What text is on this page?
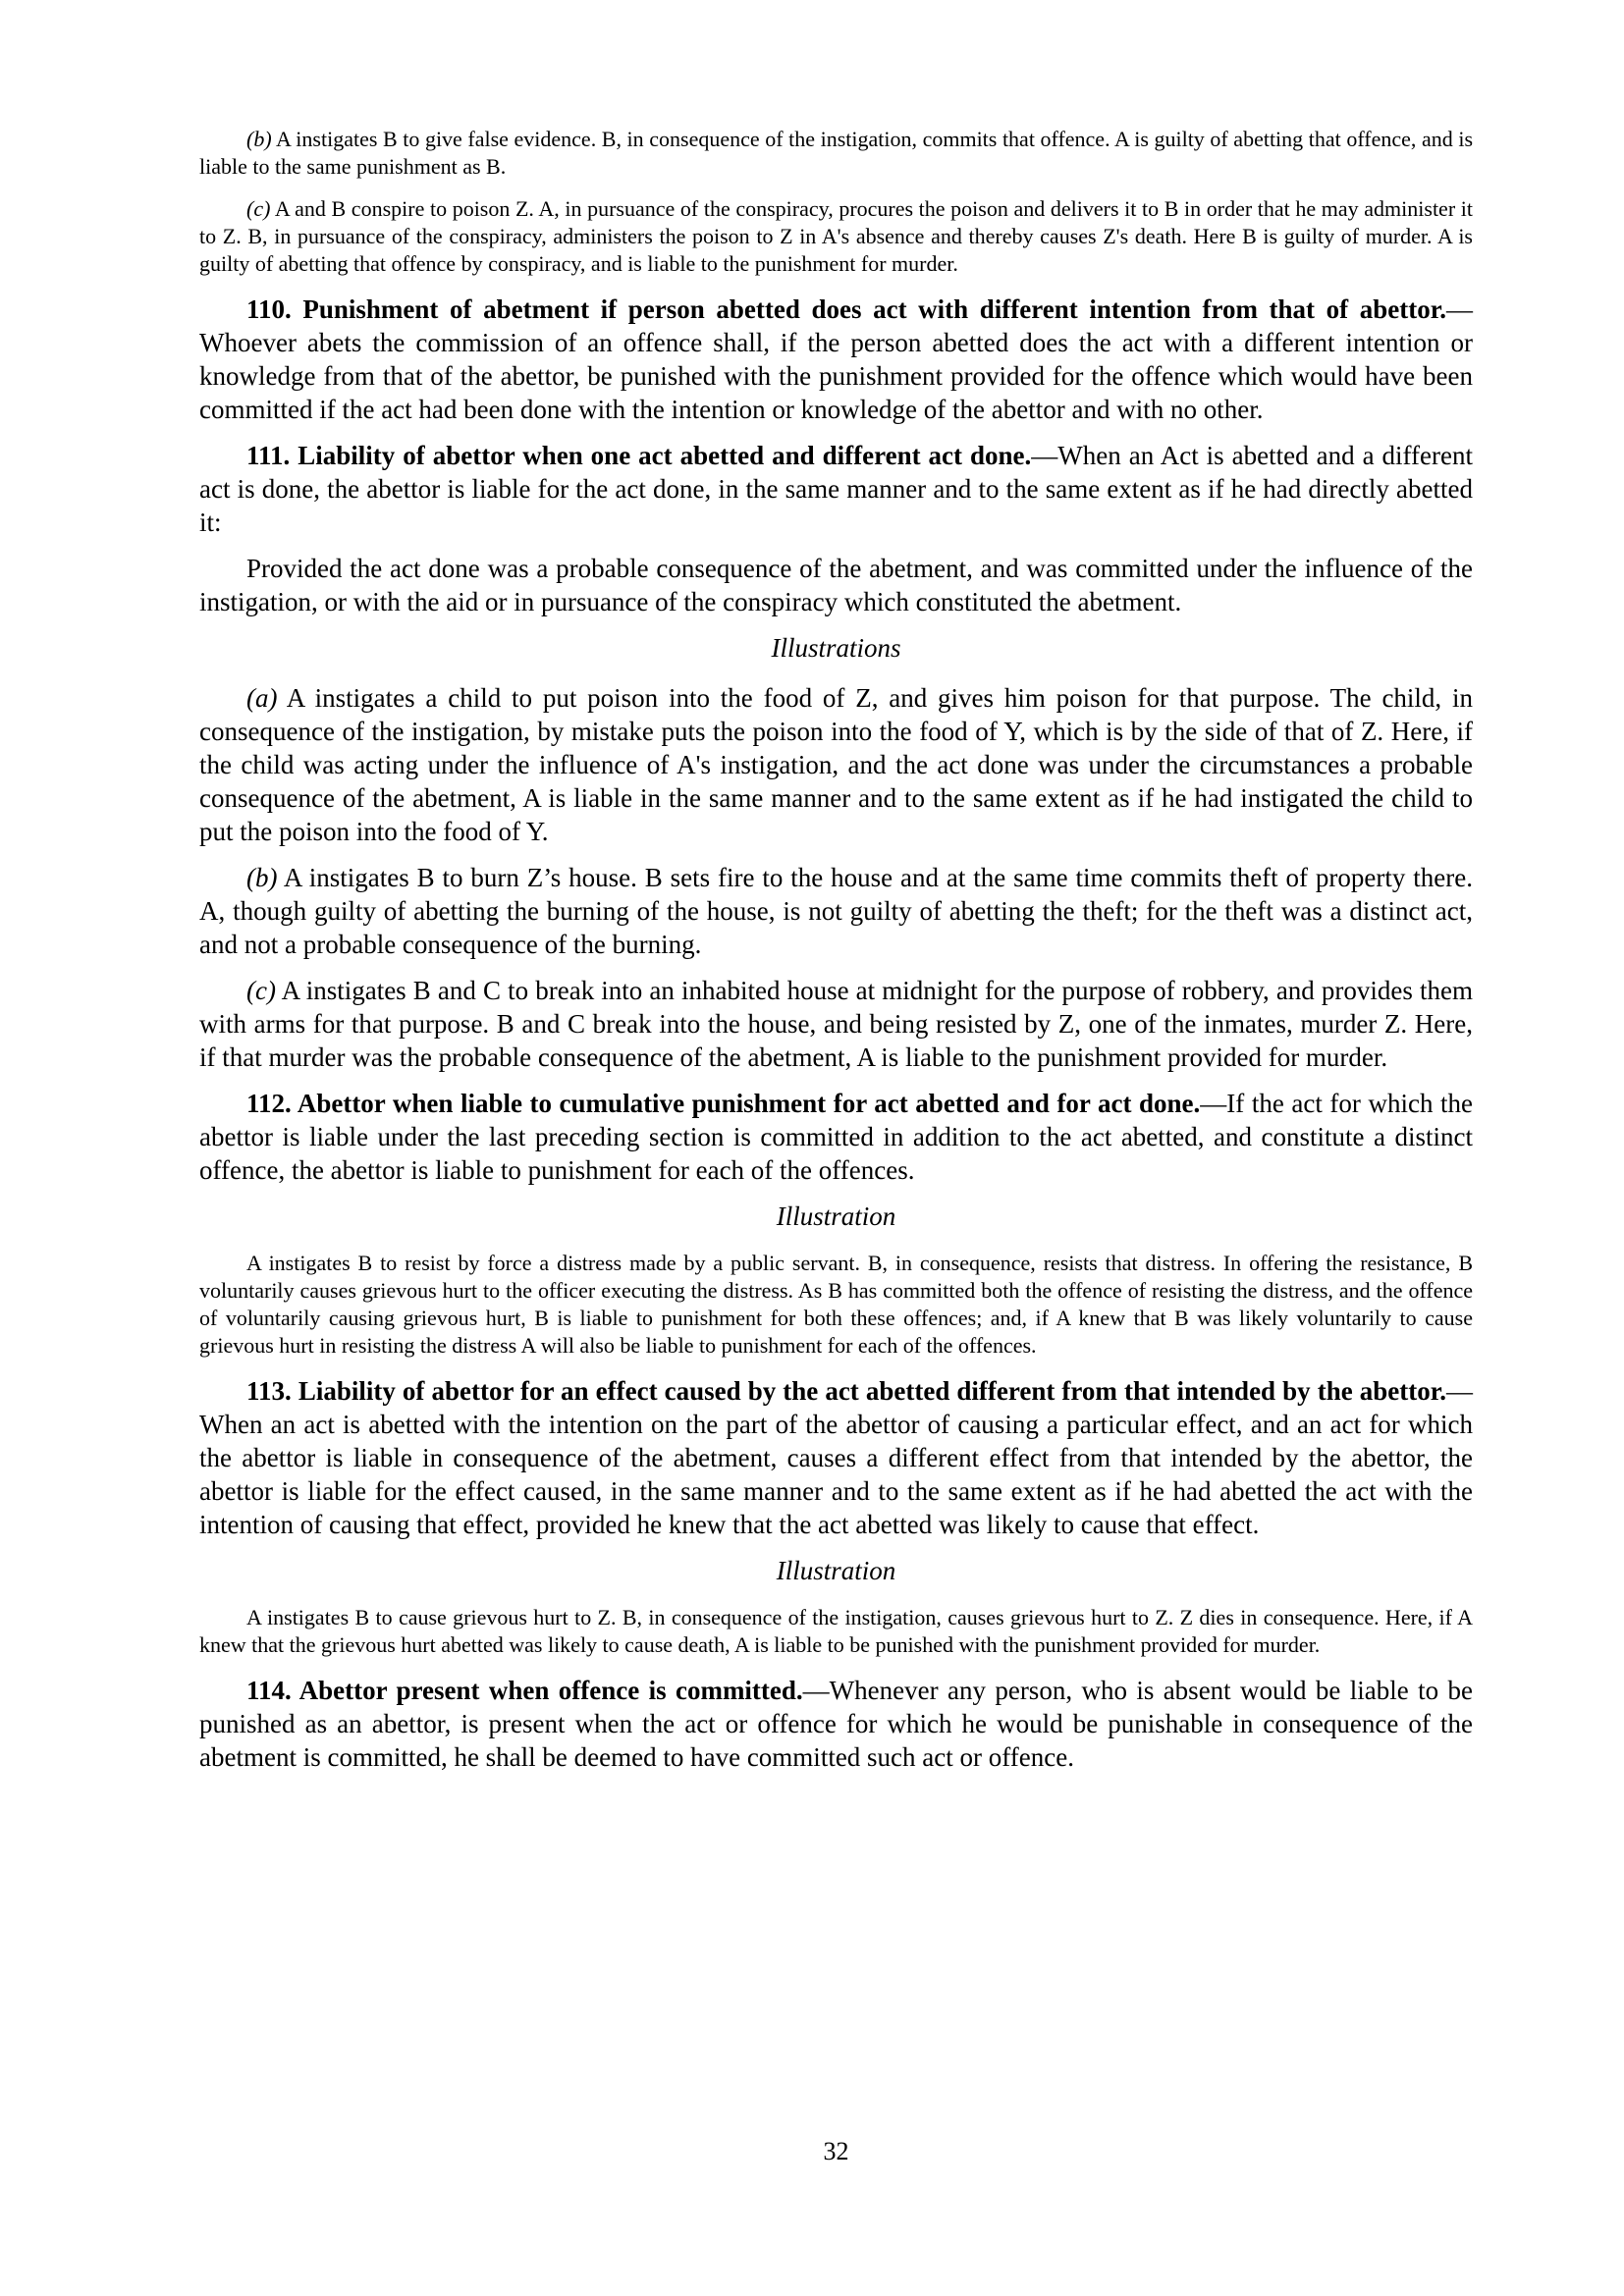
(b) A instigates B to give false evidence. B, in consequence of the instigation, commits that offence. A is guilty of abetting that offence, and is liable to the same punishment as B.

(c) A and B conspire to poison Z. A, in pursuance of the conspiracy, procures the poison and delivers it to B in order that he may administer it to Z. B, in pursuance of the conspiracy, administers the poison to Z in A's absence and thereby causes Z's death. Here B is guilty of murder. A is guilty of abetting that offence by conspiracy, and is liable to the punishment for murder.

110. Punishment of abetment if person abetted does act with different intention from that of abettor.—Whoever abets the commission of an offence shall, if the person abetted does the act with a different intention or knowledge from that of the abettor, be punished with the punishment provided for the offence which would have been committed if the act had been done with the intention or knowledge of the abettor and with no other.

111. Liability of abettor when one act abetted and different act done.—When an Act is abetted and a different act is done, the abettor is liable for the act done, in the same manner and to the same extent as if he had directly abetted it:

Provided the act done was a probable consequence of the abetment, and was committed under the influence of the instigation, or with the aid or in pursuance of the conspiracy which constituted the abetment.

Illustrations

(a) A instigates a child to put poison into the food of Z, and gives him poison for that purpose. The child, in consequence of the instigation, by mistake puts the poison into the food of Y, which is by the side of that of Z. Here, if the child was acting under the influence of A's instigation, and the act done was under the circumstances a probable consequence of the abetment, A is liable in the same manner and to the same extent as if he had instigated the child to put the poison into the food of Y.

(b) A instigates B to burn Z’s house. B sets fire to the house and at the same time commits theft of property there. A, though guilty of abetting the burning of the house, is not guilty of abetting the theft; for the theft was a distinct act, and not a probable consequence of the burning.

(c) A instigates B and C to break into an inhabited house at midnight for the purpose of robbery, and provides them with arms for that purpose. B and C break into the house, and being resisted by Z, one of the inmates, murder Z. Here, if that murder was the probable consequence of the abetment, A is liable to the punishment provided for murder.

112. Abettor when liable to cumulative punishment for act abetted and for act done.—If the act for which the abettor is liable under the last preceding section is committed in addition to the act abetted, and constitute a distinct offence, the abettor is liable to punishment for each of the offences.

Illustration

A instigates B to resist by force a distress made by a public servant. B, in consequence, resists that distress. In offering the resistance, B voluntarily causes grievous hurt to the officer executing the distress. As B has committed both the offence of resisting the distress, and the offence of voluntarily causing grievous hurt, B is liable to punishment for both these offences; and, if A knew that B was likely voluntarily to cause grievous hurt in resisting the distress A will also be liable to punishment for each of the offences.

113. Liability of abettor for an effect caused by the act abetted different from that intended by the abettor.—When an act is abetted with the intention on the part of the abettor of causing a particular effect, and an act for which the abettor is liable in consequence of the abetment, causes a different effect from that intended by the abettor, the abettor is liable for the effect caused, in the same manner and to the same extent as if he had abetted the act with the intention of causing that effect, provided he knew that the act abetted was likely to cause that effect.

Illustration

A instigates B to cause grievous hurt to Z. B, in consequence of the instigation, causes grievous hurt to Z. Z dies in consequence. Here, if A knew that the grievous hurt abetted was likely to cause death, A is liable to be punished with the punishment provided for murder.

114. Abettor present when offence is committed.—Whenever any person, who is absent would be liable to be punished as an abettor, is present when the act or offence for which he would be punishable in consequence of the abetment is committed, he shall be deemed to have committed such act or offence.

32
